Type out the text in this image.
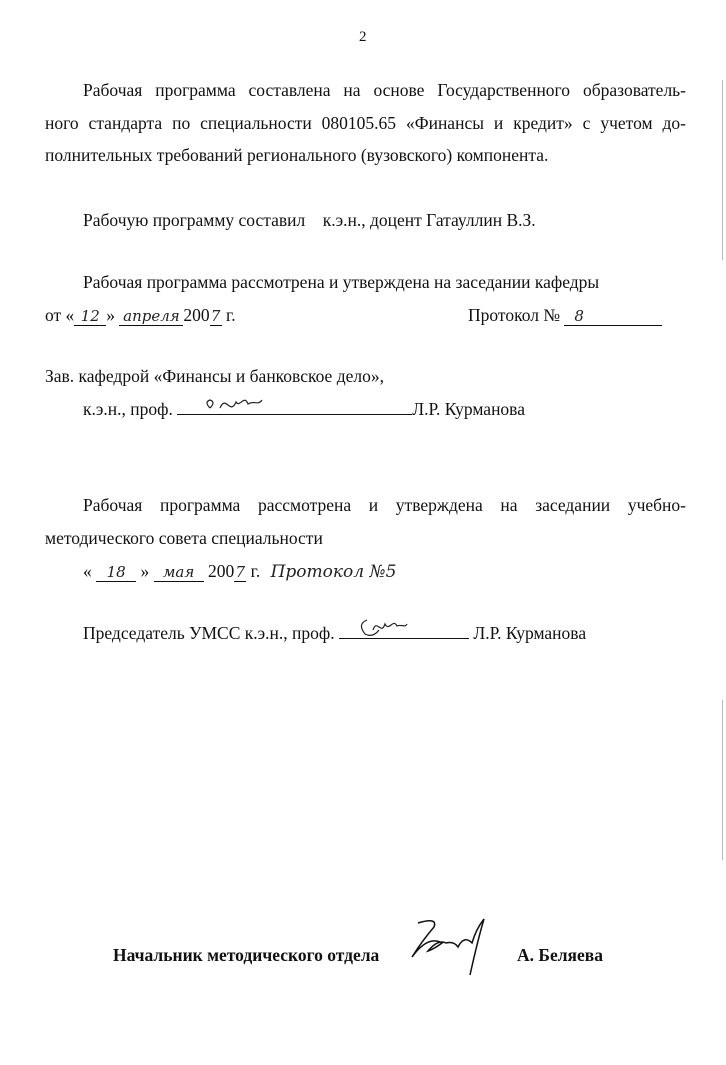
2
Рабочая программа составлена на основе Государственного образователь-
ного стандарта по специальности 080105.65 «Финансы и кредит» с учетом до-
полнительных требований регионального (вузовского) компонента.
Рабочую программу составил    к.э.н., доцент Гатауллин В.З.
Рабочая программа рассмотрена и утверждена на заседании кафедры
от « 12 » апреля 2007 г.	Протокол № 8
Зав. кафедрой «Финансы и банковское дело»,
к.э.н., проф.	Л.Р. Курманова
Рабочая программа рассмотрена и утверждена на заседании учебно-
методического совета специальности
« 18 » мая 2007 г. Протокол №5
Председатель УМСС к.э.н., проф.	Л.Р. Курманова
Начальник методического отдела	А. Беляева
